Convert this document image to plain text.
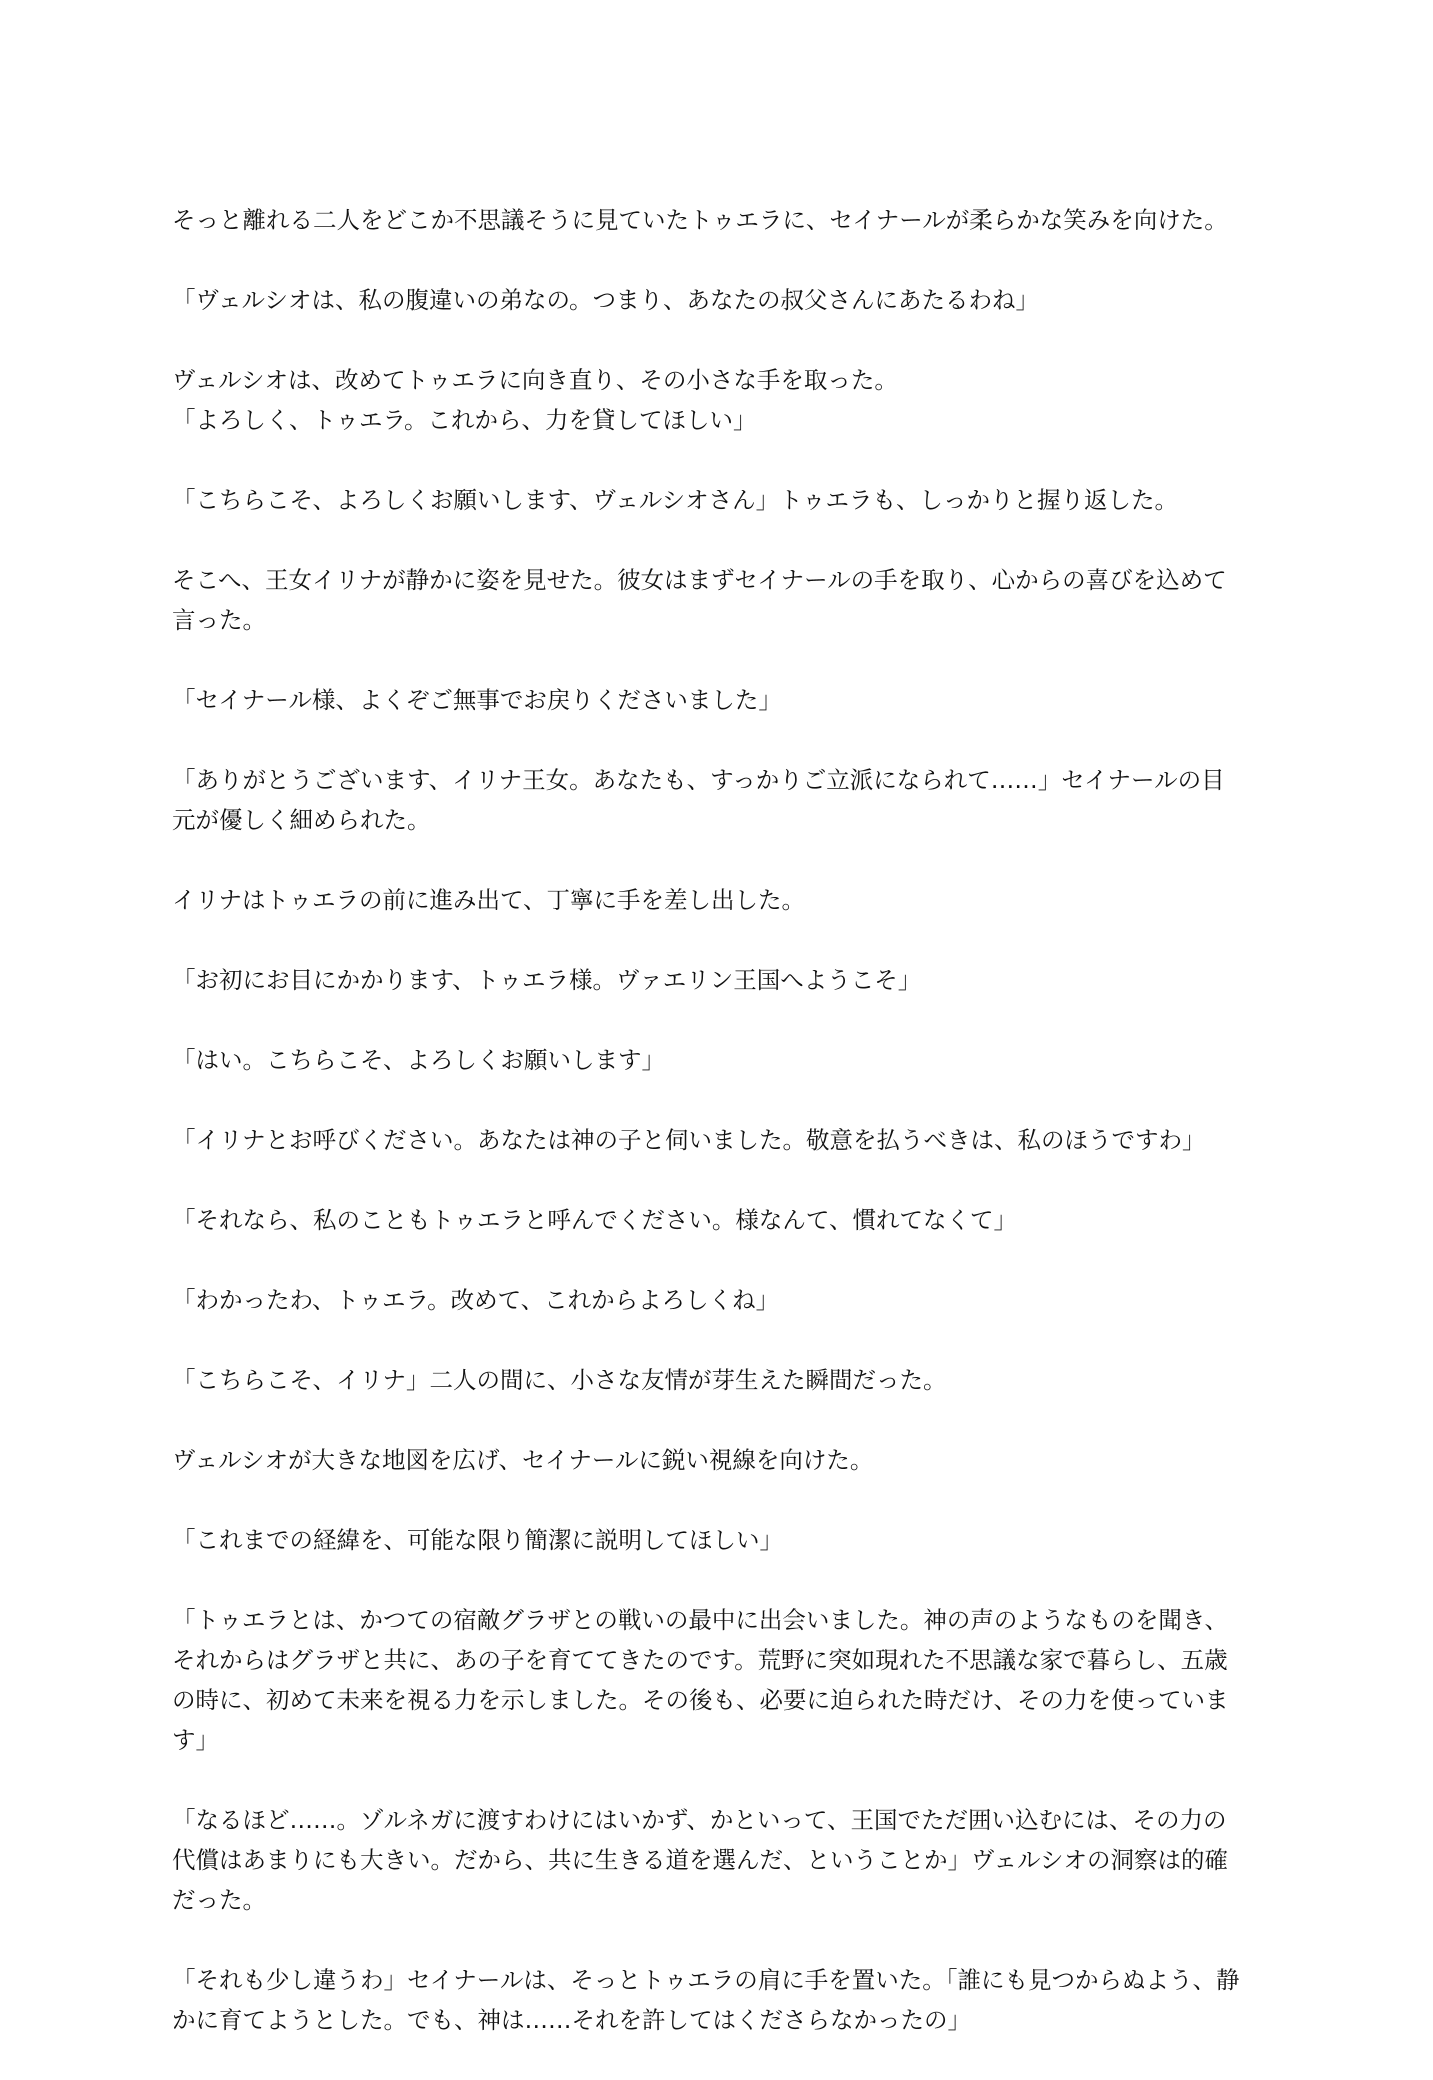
そっと離れる二人をどこか不思議そうに見ていたトゥエラに、セイナールが柔らかな笑みを向けた。

「ヴェルシオは、私の腹違いの弟なの。つまり、あなたの叔父さんにあたるわね」

ヴェルシオは、改めてトゥエラに向き直り、その小さな手を取った。

「よろしく、トゥエラ。これから、力を貸してほしい」

「こちらこそ、よろしくお願いします、ヴェルシオさん」トゥエラも、しっかりと握り返した。

そこへ、王女イリナが静かに姿を見せた。彼女はまずセイナールの手を取り、心からの喜びを込めて言った。

「セイナール様、よくぞご無事でお戻りくださいました」

「ありがとうございます、イリナ王女。あなたも、すっかりご立派になられて……」セイナールの目元が優しく細められた。

イリナはトゥエラの前に進み出て、丁寧に手を差し出した。

「お初にお目にかかります、トゥエラ様。ヴァエリン王国へようこそ」

「はい。こちらこそ、よろしくお願いします」

「イリナとお呼びください。あなたは神の子と伺いました。敬意を払うべきは、私のほうですわ」

「それなら、私のこともトゥエラと呼んでください。様なんて、慣れてなくて」

「わかったわ、トゥエラ。改めて、これからよろしくね」

「こちらこそ、イリナ」二人の間に、小さな友情が芽生えた瞬間だった。

ヴェルシオが大きな地図を広げ、セイナールに鋭い視線を向けた。

「これまでの経緯を、可能な限り簡潔に説明してほしい」

「トゥエラとは、かつての宿敵グラザとの戦いの最中に出会いました。神の声のようなものを聞き、それからはグラザと共に、あの子を育ててきたのです。荒野に突如現れた不思議な家で暮らし、五歳の時に、初めて未来を視る力を示しました。その後も、必要に迫られた時だけ、その力を使っています」

「なるほど……。ゾルネガに渡すわけにはいかず、かといって、王国でただ囲い込むには、その力の代償はあまりにも大きい。だから、共に生きる道を選んだ、ということか」ヴェルシオの洞察は的確だった。

「それも少し違うわ」セイナールは、そっとトゥエラの肩に手を置いた。「誰にも見つからぬよう、静かに育てようとした。でも、神は……それを許してはくださらなかったの」
